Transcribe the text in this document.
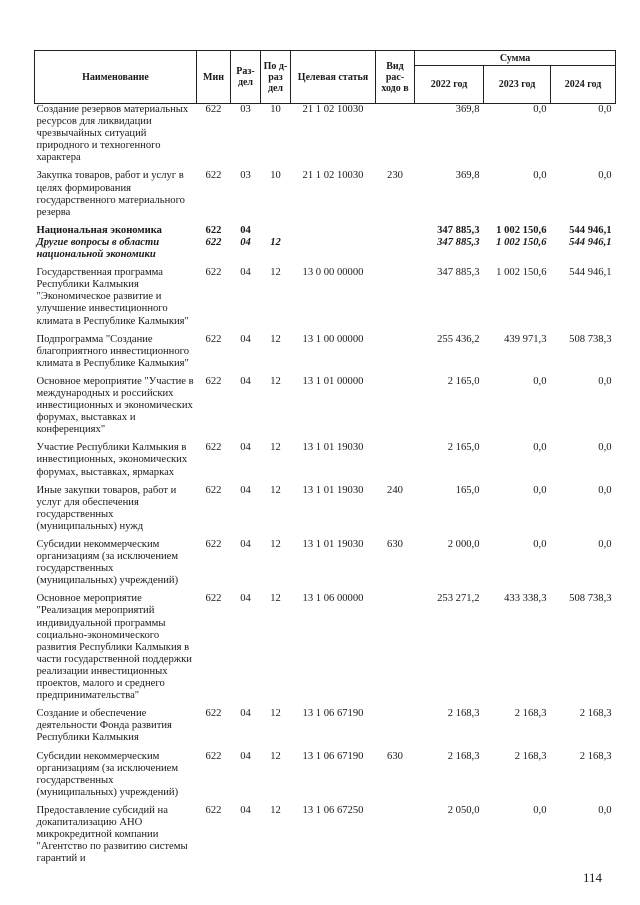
Наименование	Мин	Раз-дел	По д- раз дел	Целевая статья	Вид рас- ходо в	Сумма		
						2022 год	2023 год	2024 год
Создание резервов материальных ресурсов для ликвидации чрезвычайных ситуаций природного и техногенного характера	622	03	10	21 1 02 10030		369,8	0,0	0,0
Закупка товаров, работ и услуг в целях формирования государственного материального резерва	622	03	10	21 1 02 10030	230	369,8	0,0	0,0
Национальная экономика	622	04				347 885,3	1 002 150,6	544 946,1
Другие вопросы в области национальной экономики	622	04	12			347 885,3	1 002 150,6	544 946,1
Государственная программа Республики Калмыкия "Экономическое развитие и улучшение инвестиционного климата в Республике Калмыкия"	622	04	12	13 0 00 00000		347 885,3	1 002 150,6	544 946,1
Подпрограмма "Создание благоприятного инвестиционного климата в Республике Калмыкия"	622	04	12	13 1 00 00000		255 436,2	439 971,3	508 738,3
Основное мероприятие "Участие в международных и российских инвестиционных и экономических форумах, выставках и конференциях"	622	04	12	13 1 01 00000		2 165,0	0,0	0,0
Участие Республики Калмыкия в инвестиционных, экономических форумах, выставках, ярмарках	622	04	12	13 1 01 19030		2 165,0	0,0	0,0
Иные закупки товаров, работ и услуг для обеспечения государственных (муниципальных) нужд	622	04	12	13 1 01 19030	240	165,0	0,0	0,0
Субсидии некоммерческим организациям (за исключением государственных (муниципальных) учреждений)	622	04	12	13 1 01 19030	630	2 000,0	0,0	0,0
Основное мероприятие "Реализация мероприятий индивидуальной программы социально-экономического развития Республики Калмыкия в части государственной поддержки реализации инвестиционных проектов, малого и среднего предпринимательства"	622	04	12	13 1 06 00000		253 271,2	433 338,3	508 738,3
Создание и обеспечение деятельности Фонда развития Республики Калмыкия	622	04	12	13 1 06 67190		2 168,3	2 168,3	2 168,3
Субсидии некоммерческим организациям (за исключением государственных (муниципальных) учреждений)	622	04	12	13 1 06 67190	630	2 168,3	2 168,3	2 168,3
Предоставление субсидий на докапитализацию АНО микрокредитной компании "Агентство по развитию системы гарантий и	622	04	12	13 1 06 67250		2 050,0	0,0	0,0
114
